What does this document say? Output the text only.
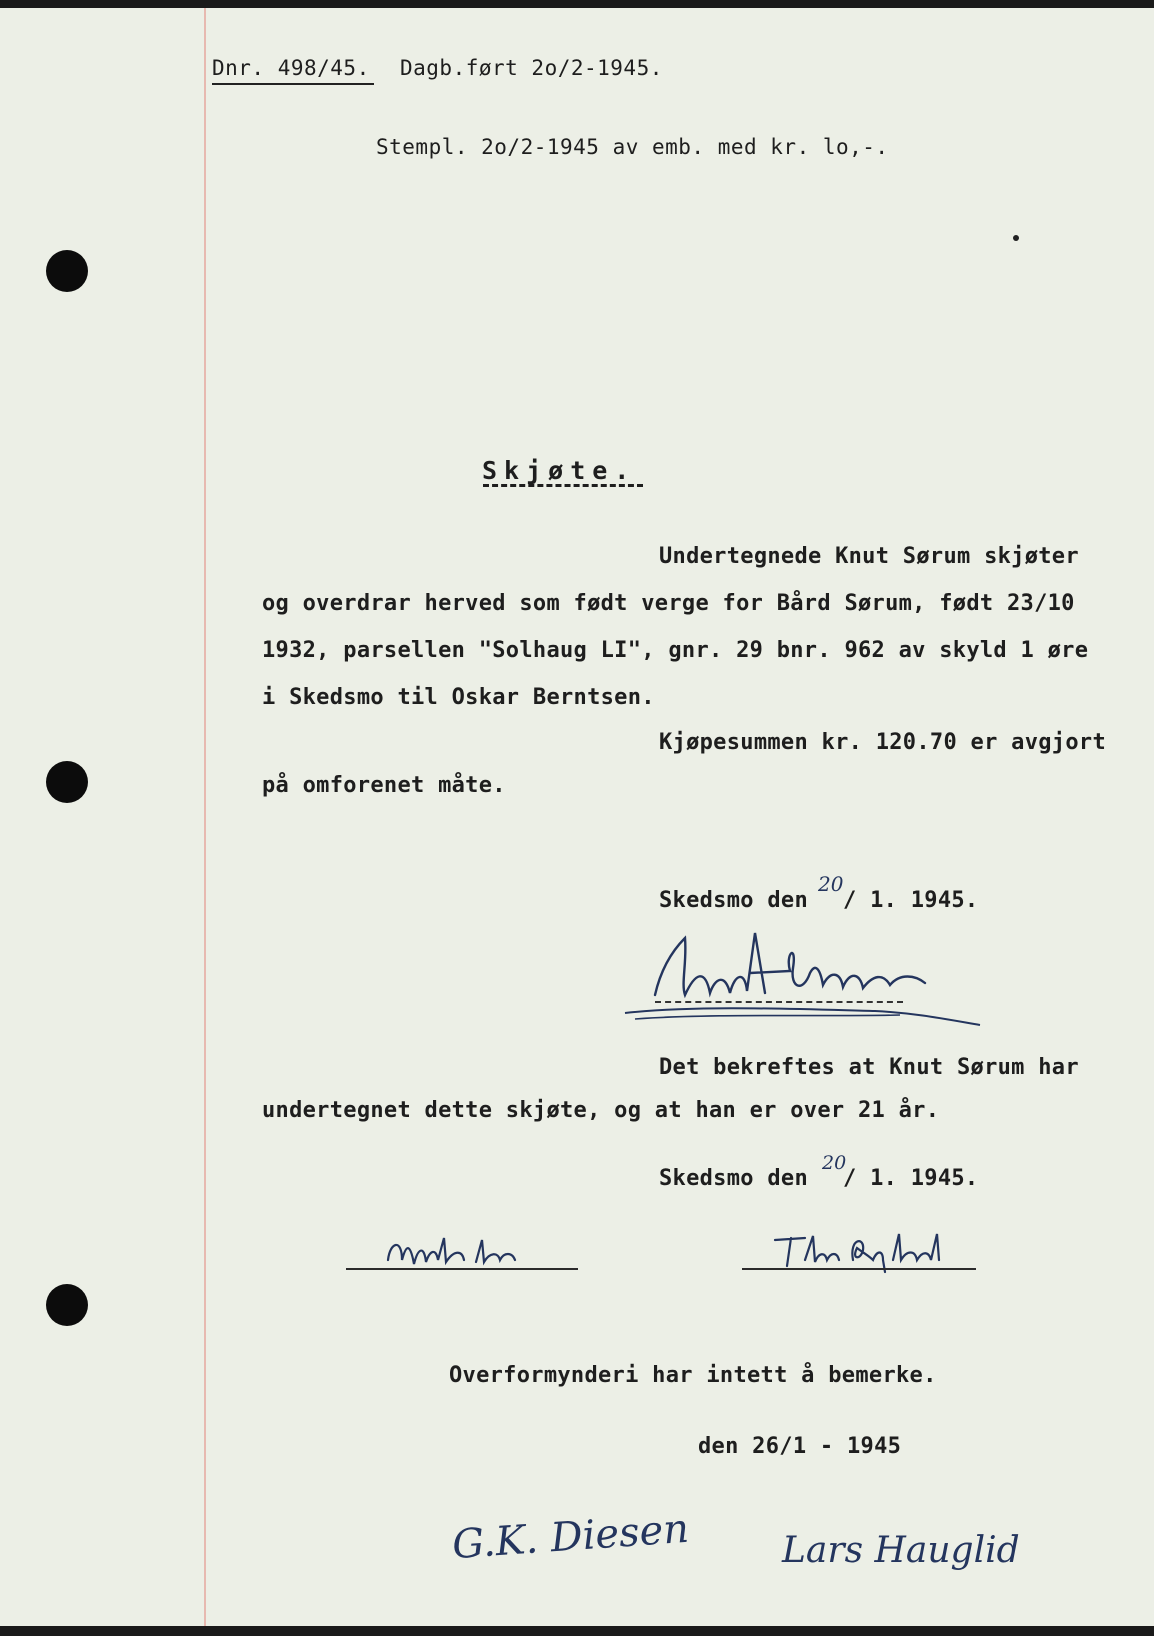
Dnr. 498/45. Dagb.ført 2o/2-1945.
Stempl. 2o/2-1945 av emb. med kr. lo,-.
Skjøte.
Undertegnede Knut Sørum skjøter
og overdrar herved som født verge for Bård Sørum, født 23/10
1932, parsellen "Solhaug LI", gnr. 29 bnr. 962 av skyld 1 øre
i Skedsmo til Oskar Berntsen.
Kjøpesummen kr. 120.70 er avgjort
på omforenet måte.
Skedsmo den
20
/ 1. 1945.
Det bekreftes at Knut Sørum har
undertegnet dette skjøte, og at han er over 21 år.
Skedsmo den
20
/ 1. 1945.
Overformynderi har intett å bemerke.
den 26/1 - 1945
G.K. Diesen	Lars Hauglid
